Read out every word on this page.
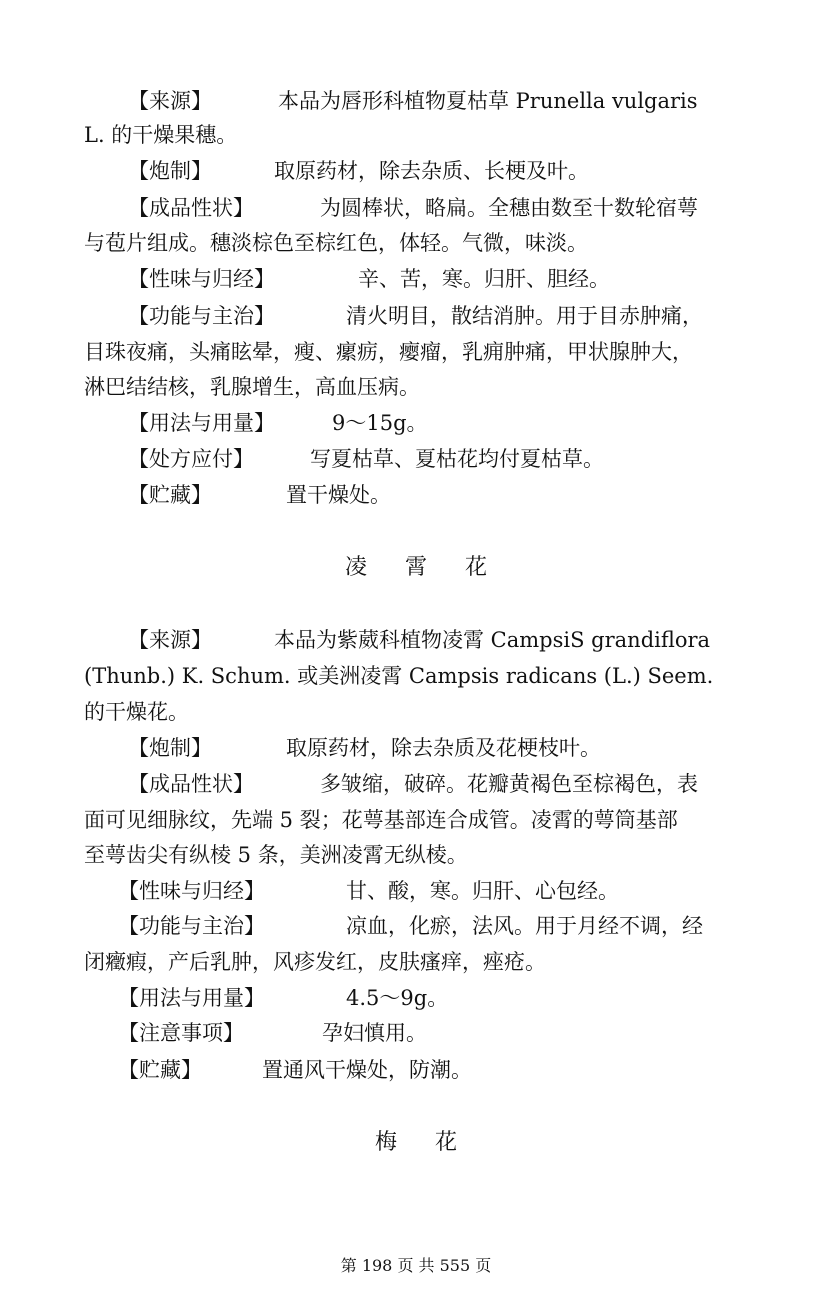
【来源】	本品为唇形科植物夏枯草 Prunella vulgaris
L. 的干燥果穗。
【炮制】	取原药材，除去杂质、长梗及叶。
【成品性状】	为圆棒状，略扁。全穗由数至十数轮宿萼
与苞片组成。穗淡棕色至棕红色，体轻。气微，味淡。
【性味与归经】	辛、苦，寒。归肝、胆经。
【功能与主治】	清火明目，散结消肿。用于目赤肿痛，
目珠夜痛，头痛眩晕，瘦、瘰疬，瘿瘤，乳痈肿痛，甲状腺肿大，
淋巴结结核，乳腺增生，高血压病。
【用法与用量】	9～15g。
【处方应付】	写夏枯草、夏枯花均付夏枯草。
【贮藏】	置干燥处。
凌 霄 花
【来源】	本品为紫葳科植物凌霄 CampsiS grandiflora
(Thunb.) K. Schum. 或美洲凌霄 Campsis radicans (L.) Seem.
的干燥花。
【炮制】	取原药材，除去杂质及花梗枝叶。
【成品性状】	多皱缩，破碎。花瓣黄褐色至棕褐色，表
面可见细脉纹，先端 5 裂；花萼基部连合成管。凌霄的萼筒基部
至萼齿尖有纵棱 5 条，美洲凌霄无纵棱。
【性味与归经】	甘、酸，寒。归肝、心包经。
【功能与主治】	凉血，化瘀，法风。用于月经不调，经
闭癥瘕，产后乳肿，风疹发红，皮肤瘙痒，痤疮。
【用法与用量】	4.5～9g。
【注意事项】	孕妇慎用。
【贮藏】	置通风干燥处，防潮。
梅 花
第 198 页 共 555 页
